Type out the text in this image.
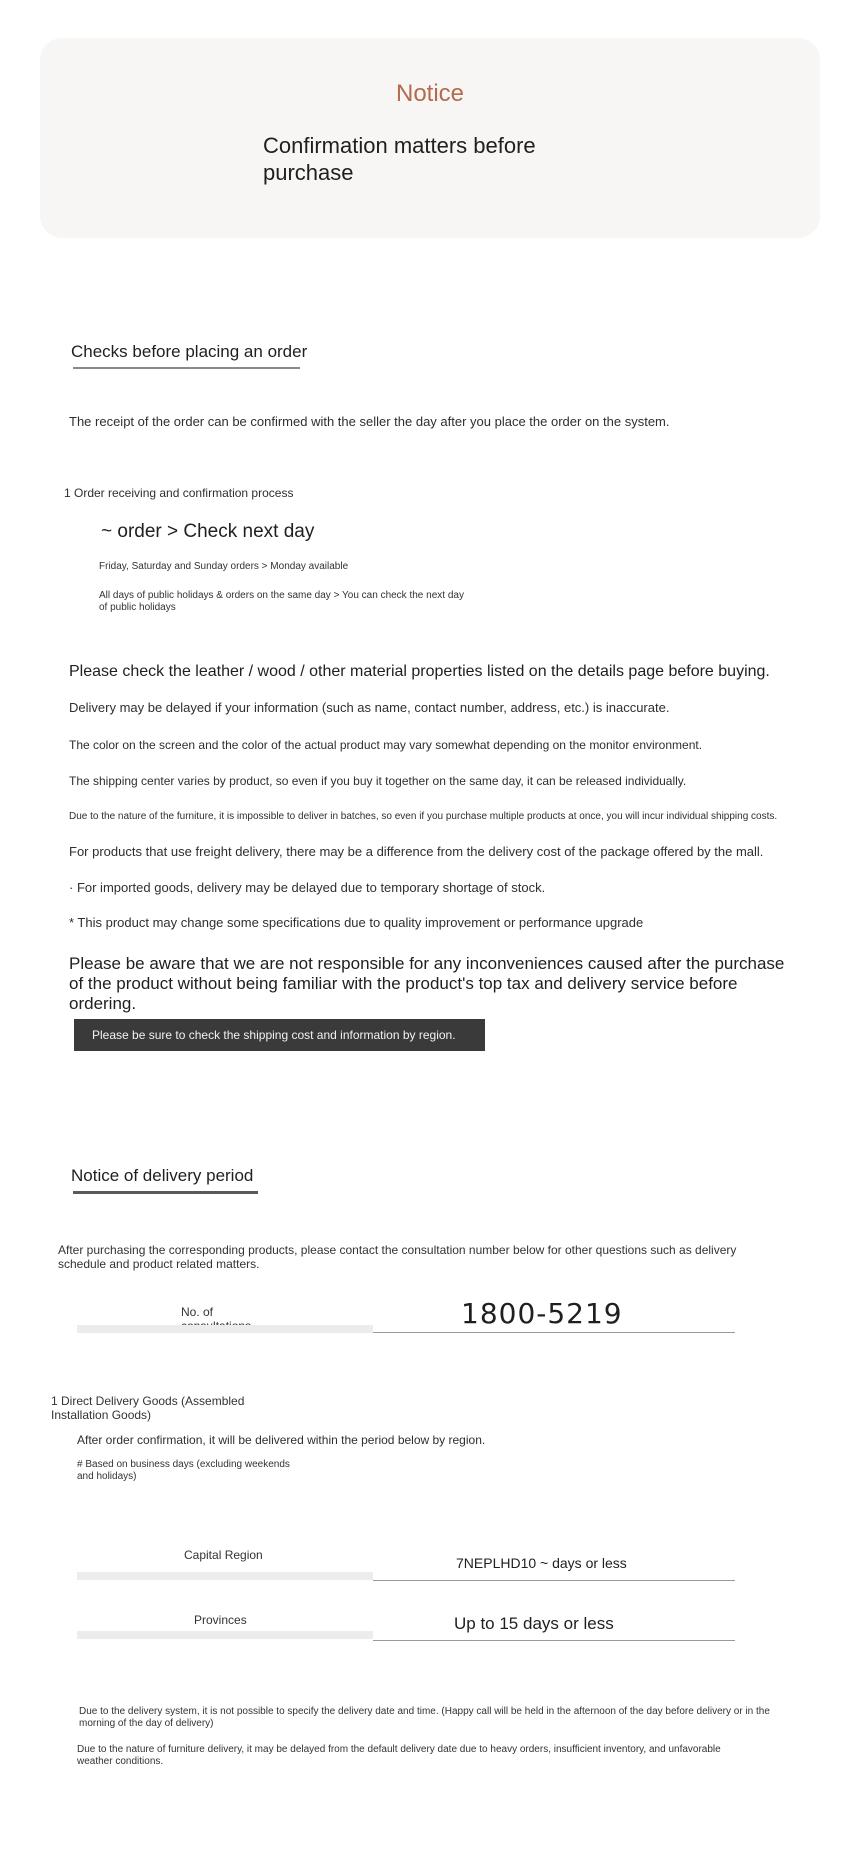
Notice
Confirmation matters before purchase
Checks before placing an order
The receipt of the order can be confirmed with the seller the day after you place the order on the system.
1 Order receiving and confirmation process
~ order > Check next day
Friday, Saturday and Sunday orders > Monday available
All days of public holidays & orders on the same day > You can check the next day of public holidays
Please check the leather / wood / other material properties listed on the details page before buying.
Delivery may be delayed if your information (such as name, contact number, address, etc.) is inaccurate.
The color on the screen and the color of the actual product may vary somewhat depending on the monitor environment.
The shipping center varies by product, so even if you buy it together on the same day, it can be released individually.
Due to the nature of the furniture, it is impossible to deliver in batches, so even if you purchase multiple products at once, you will incur individual shipping costs.
For products that use freight delivery, there may be a difference from the delivery cost of the package offered by the mall.
· For imported goods, delivery may be delayed due to temporary shortage of stock.
* This product may change some specifications due to quality improvement or performance upgrade
Please be aware that we are not responsible for any inconveniences caused after the purchase of the product without being familiar with the product's top tax and delivery service before ordering.
Please be sure to check the shipping cost and information by region.
Notice of delivery period
After purchasing the corresponding products, please contact the consultation number below for other questions such as delivery schedule and product related matters.
No. of	1800-5219
1 Direct Delivery Goods (Assembled Installation Goods)
After order confirmation, it will be delivered within the period below by region.
# Based on business days (excluding weekends and holidays)
Capital Region	7NEPLHD10 ~ days or less
Provinces	Up to 15 days or less
Due to the delivery system, it is not possible to specify the delivery date and time. (Happy call will be held in the afternoon of the day before delivery or in the morning of the day of delivery)
Due to the nature of furniture delivery, it may be delayed from the default delivery date due to heavy orders, insufficient inventory, and unfavorable weather conditions.
